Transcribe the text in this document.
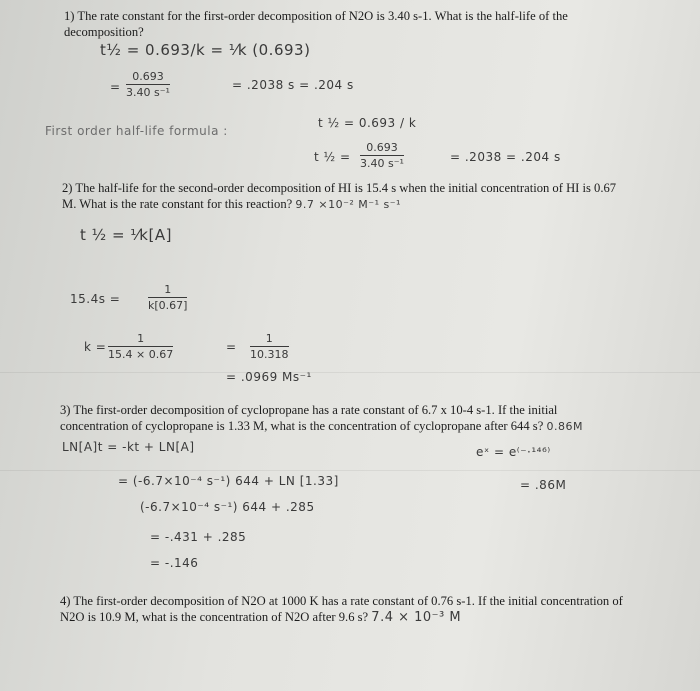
1) The rate constant for the first-order decomposition of N2O is 3.40 s-1. What is the half-life of the
decomposition?
t½ = 0.693/k = ⅟k (0.693)
= $\frac{0.693}{\text{3.40 s⁻¹}}$	= .2038 s = .204 s
First order half-life formula :
t ½ = 0.693 / k
t ½ = $\frac{0.693}{\text{3.40 s⁻¹}}$	= .2038 = .204 s
2) The half-life for the second-order decomposition of HI is 15.4 s when the initial concentration of HI is 0.67
M. What is the rate constant for this reaction? 9.7 ×10⁻² M⁻¹ s⁻¹
t ½ = ⅟k[A]
15.4s =	$\frac{1}{k[0.67]}$
$k = \frac{1}{15.4 \times 0.67}$	= $\frac{1}{10.318}$
= .0969 Ms⁻¹
3) The first-order decomposition of cyclopropane has a rate constant of 6.7 x 10-4 s-1. If the initial
concentration of cyclopropane is 1.33 M, what is the concentration of cyclopropane after 644 s? 0.86M
LN[A]t = -kt + LN[A]
= (-6.7×10⁻⁴ s⁻¹) 644 + LN [1.33]
(-6.7×10⁻⁴ s⁻¹) 644 + .285
= -.431 + .285
= -.146
eˣ = e⁽⁻·¹⁴⁶⁾
= .86M
4) The first-order decomposition of N2O at 1000 K has a rate constant of 0.76 s-1. If the initial concentration of
N2O is 10.9 M, what is the concentration of N2O after 9.6 s? 7.4 × 10⁻³ M
